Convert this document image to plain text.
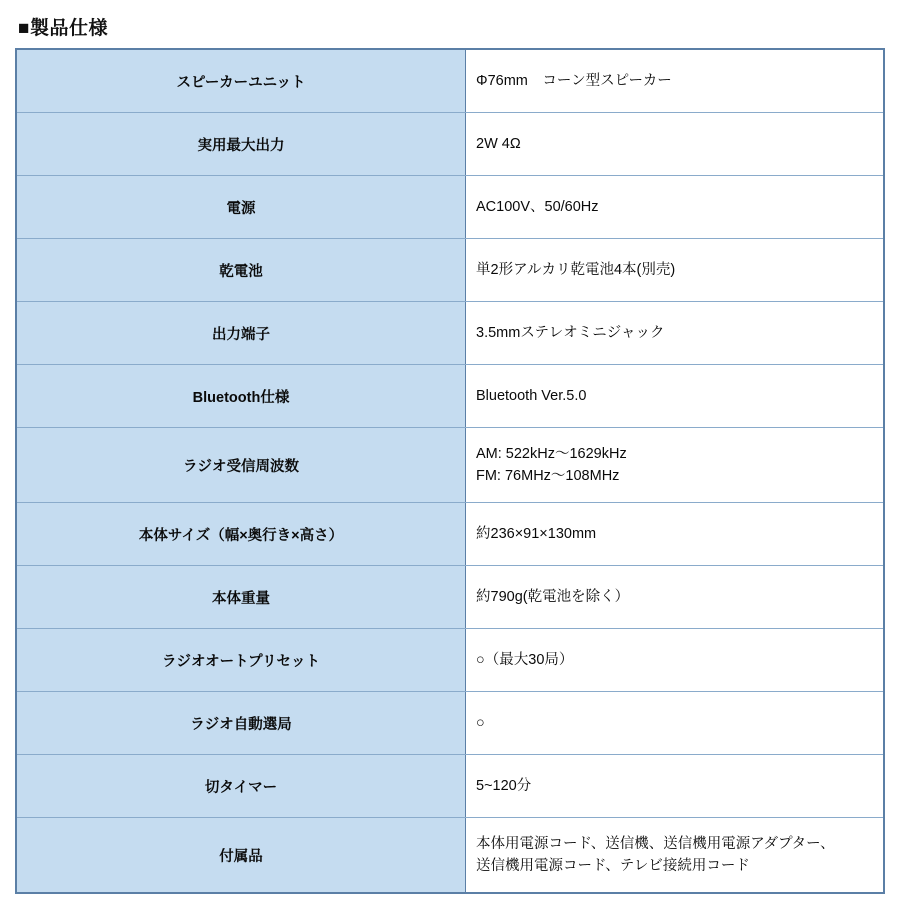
■製品仕様
スピーカーユニット	Φ76mm　コーン型スピーカー

実用最大出力	2W 4Ω

電源	AC100V、50/60Hz

乾電池	単2形アルカリ乾電池4本(別売)

出力端子	3.5mmステレオミニジャック

Bluetooth仕様	Bluetooth Ver.5.0

ラジオ受信周波数	AM: 522kHz〜1629kHz
FM: 76MHz〜108MHz

本体サイズ（幅×奥行き×高さ）	約236×91×130mm

本体重量	約790g(乾電池を除く）

ラジオオートプリセット	○（最大30局）

ラジオ自動選局	○

切タイマー	5~120分

付属品	本体用電源コード、送信機、送信機用電源アダプター、
送信機用電源コード、テレビ接続用コード
